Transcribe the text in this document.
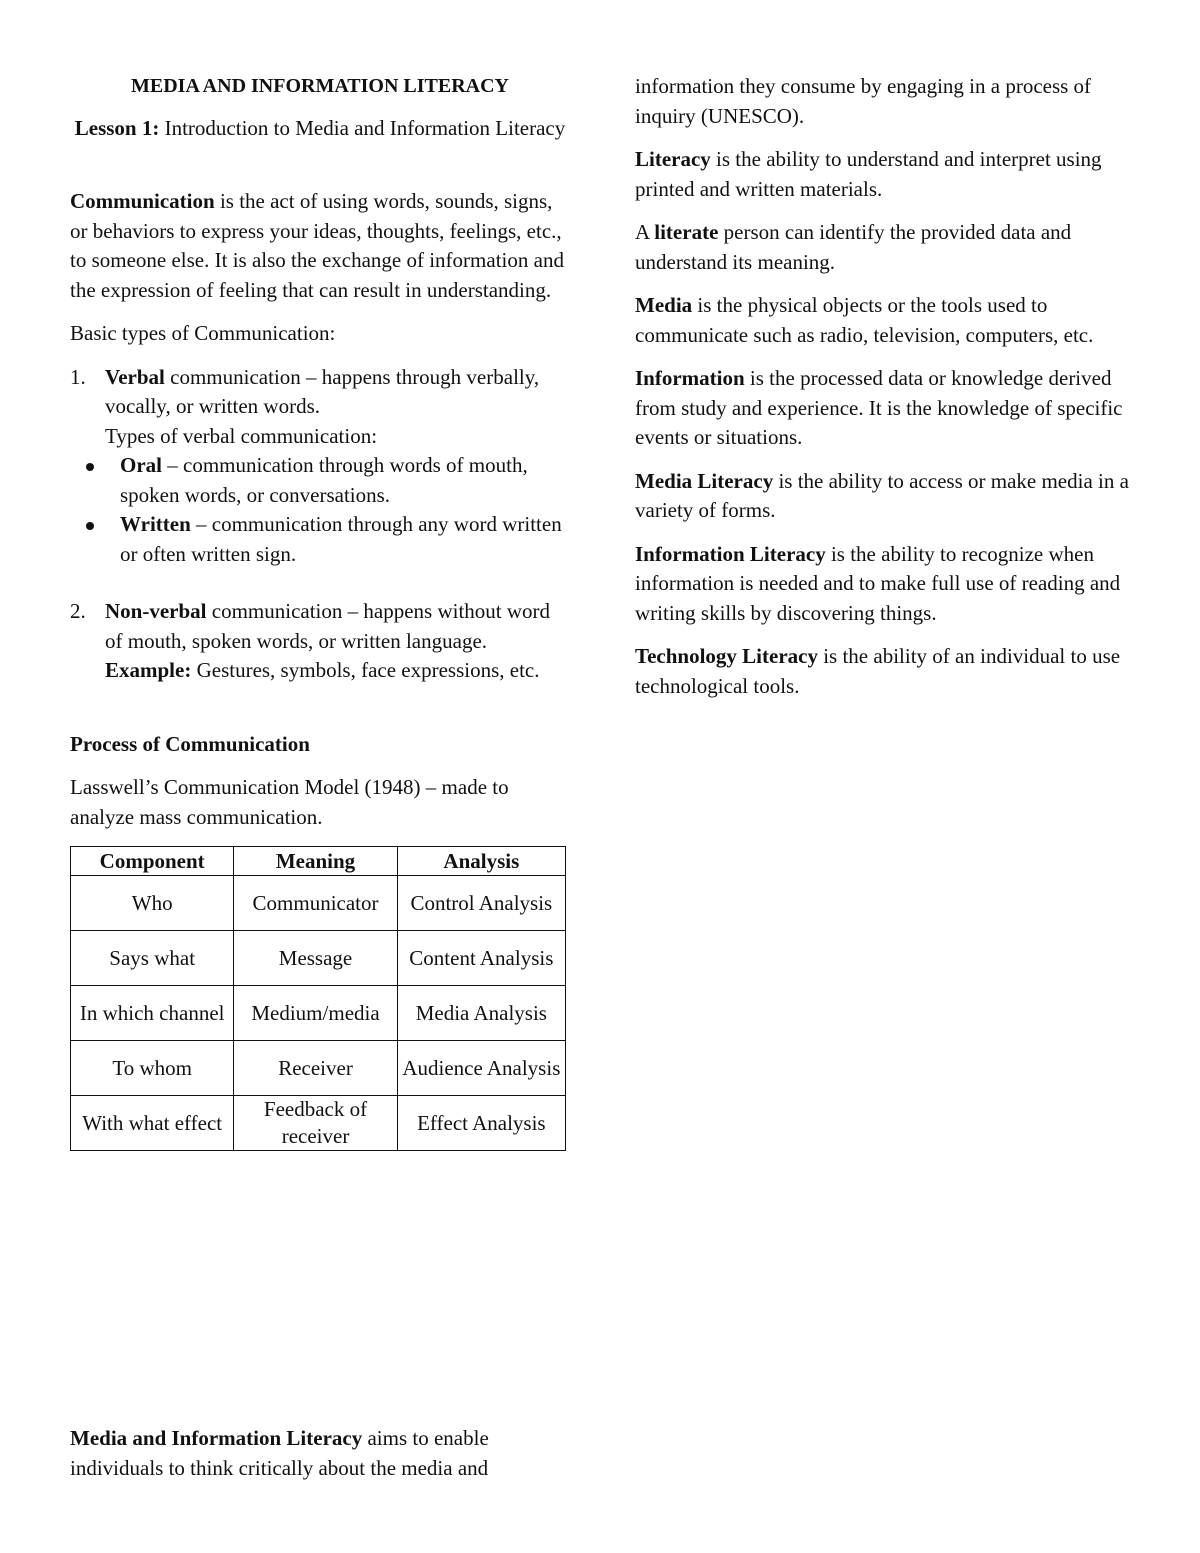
MEDIA AND INFORMATION LITERACY

Lesson 1: Introduction to Media and Information Literacy

Communication is the act of using words, sounds, signs, or behaviors to express your ideas, thoughts, feelings, etc., to someone else. It is also the exchange of information and the expression of feeling that can result in understanding.

Basic types of Communication:

1. Verbal communication – happens through verbally, vocally, or written words.

Types of verbal communication:

Oral – communication through words of mouth, spoken words, or conversations.
Written – communication through any word written or often written sign.
2. Non-verbal communication – happens without word of mouth, spoken words, or written language.

Example: Gestures, symbols, face expressions, etc.

Process of Communication

Lasswell’s Communication Model (1948) – made to analyze mass communication.

Component	Meaning	Analysis
Who	Communicator	Control Analysis
Says what	Message	Content Analysis
In which channel	Medium/media	Media Analysis
To whom	Receiver	Audience Analysis
With what effect	Feedback of receiver	Effect Analysis

Media and Information Literacy aims to enable individuals to think critically about the media and

information they consume by engaging in a process of inquiry (UNESCO).

Literacy is the ability to understand and interpret using printed and written materials.

A literate person can identify the provided data and understand its meaning.

Media is the physical objects or the tools used to communicate such as radio, television, computers, etc.

Information is the processed data or knowledge derived from study and experience. It is the knowledge of specific events or situations.

Media Literacy is the ability to access or make media in a variety of forms.

Information Literacy is the ability to recognize when information is needed and to make full use of reading and writing skills by discovering things.

Technology Literacy is the ability of an individual to use technological tools.
